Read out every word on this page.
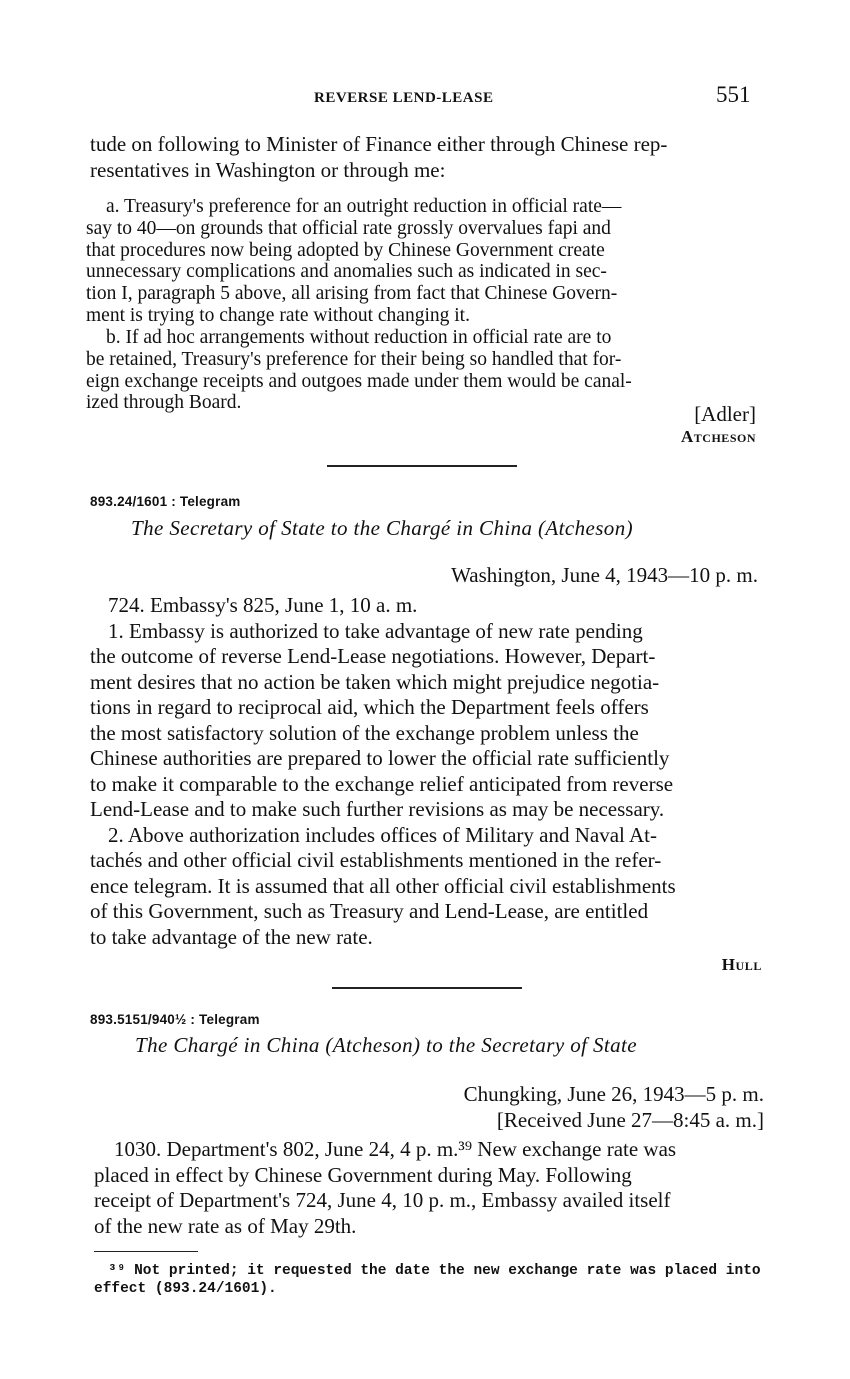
REVERSE LEND-LEASE	551
tude on following to Minister of Finance either through Chinese rep-
resentatives in Washington or through me:
a. Treasury's preference for an outright reduction in official rate—
say to 40—on grounds that official rate grossly overvalues fapi and
that procedures now being adopted by Chinese Government create
unnecessary complications and anomalies such as indicated in sec-
tion I, paragraph 5 above, all arising from fact that Chinese Govern-
ment is trying to change rate without changing it.
b. If ad hoc arrangements without reduction in official rate are to
be retained, Treasury's preference for their being so handled that for-
eign exchange receipts and outgoes made under them would be canal-
ized through Board.	[Adler]
Atcheson
893.24/1601 : Telegram
The Secretary of State to the Chargé in China (Atcheson)
Washington, June 4, 1943—10 p. m.
724. Embassy's 825, June 1, 10 a. m.
1. Embassy is authorized to take advantage of new rate pending
the outcome of reverse Lend-Lease negotiations. However, Depart-
ment desires that no action be taken which might prejudice negotia-
tions in regard to reciprocal aid, which the Department feels offers
the most satisfactory solution of the exchange problem unless the
Chinese authorities are prepared to lower the official rate sufficiently
to make it comparable to the exchange relief anticipated from reverse
Lend-Lease and to make such further revisions as may be necessary.
2. Above authorization includes offices of Military and Naval At-
tachés and other official civil establishments mentioned in the refer-
ence telegram. It is assumed that all other official civil establishments
of this Government, such as Treasury and Lend-Lease, are entitled
to take advantage of the new rate.
Hull
893.5151/940½ : Telegram
The Chargé in China (Atcheson) to the Secretary of State
Chungking, June 26, 1943—5 p. m.
[Received June 27—8:45 a. m.]
1030. Department's 802, June 24, 4 p. m.³⁹ New exchange rate was
placed in effect by Chinese Government during May. Following
receipt of Department's 724, June 4, 10 p. m., Embassy availed itself
of the new rate as of May 29th.
³⁹ Not printed; it requested the date the new exchange rate was placed into
effect (893.24/1601).
